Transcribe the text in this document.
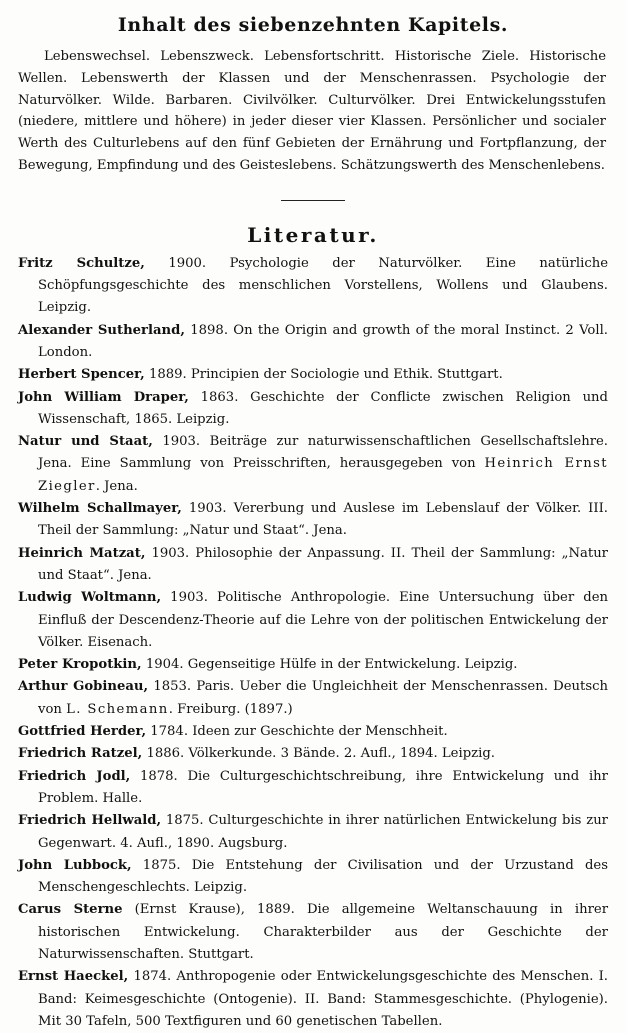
Inhalt des siebenzehnten Kapitels.

Lebenswechsel. Lebenszweck. Lebensfortschritt. Historische Ziele. Historische Wellen. Lebenswerth der Klassen und der Menschenrassen. Psychologie der Naturvölker. Wilde. Barbaren. Civilvölker. Culturvölker. Drei Entwickelungsstufen (niedere, mittlere und höhere) in jeder dieser vier Klassen. Persönlicher und socialer Werth des Culturlebens auf den fünf Gebieten der Ernährung und Fortpflanzung, der Bewegung, Empfindung und des Geisteslebens. Schätzungswerth des Menschenlebens.

Literatur.

Fritz Schultze, 1900. Psychologie der Naturvölker. Eine natürliche Schöpfungsgeschichte des menschlichen Vorstellens, Wollens und Glaubens. Leipzig.

Alexander Sutherland, 1898. On the Origin and growth of the moral Instinct. 2 Voll. London.

Herbert Spencer, 1889. Principien der Sociologie und Ethik. Stuttgart.

John William Draper, 1863. Geschichte der Conflicte zwischen Religion und Wissenschaft, 1865. Leipzig.

Natur und Staat, 1903. Beiträge zur naturwissenschaftlichen Gesellschaftslehre. Jena. Eine Sammlung von Preisschriften, herausgegeben von Heinrich Ernst Ziegler. Jena.

Wilhelm Schallmayer, 1903. Vererbung und Auslese im Lebenslauf der Völker. III. Theil der Sammlung: „Natur und Staat“. Jena.

Heinrich Matzat, 1903. Philosophie der Anpassung. II. Theil der Sammlung: „Natur und Staat“. Jena.

Ludwig Woltmann, 1903. Politische Anthropologie. Eine Untersuchung über den Einfluß der Descendenz-Theorie auf die Lehre von der politischen Entwickelung der Völker. Eisenach.

Peter Kropotkin, 1904. Gegenseitige Hülfe in der Entwickelung. Leipzig.

Arthur Gobineau, 1853. Paris. Ueber die Ungleichheit der Menschenrassen. Deutsch von L. Schemann. Freiburg. (1897.)

Gottfried Herder, 1784. Ideen zur Geschichte der Menschheit.

Friedrich Ratzel, 1886. Völkerkunde. 3 Bände. 2. Aufl., 1894. Leipzig.

Friedrich Jodl, 1878. Die Culturgeschichtschreibung, ihre Entwickelung und ihr Problem. Halle.

Friedrich Hellwald, 1875. Culturgeschichte in ihrer natürlichen Entwickelung bis zur Gegenwart. 4. Aufl., 1890. Augsburg.

John Lubbock, 1875. Die Entstehung der Civilisation und der Urzustand des Menschengeschlechts. Leipzig.

Carus Sterne (Ernst Krause), 1889. Die allgemeine Weltanschauung in ihrer historischen Entwickelung. Charakterbilder aus der Geschichte der Naturwissenschaften. Stuttgart.

Ernst Haeckel, 1874. Anthropogenie oder Entwickelungsgeschichte des Menschen. I. Band: Keimesgeschichte (Ontogenie). II. Band: Stammesgeschichte. (Phylogenie). Mit 30 Tafeln, 500 Textfiguren und 60 genetischen Tabellen.
